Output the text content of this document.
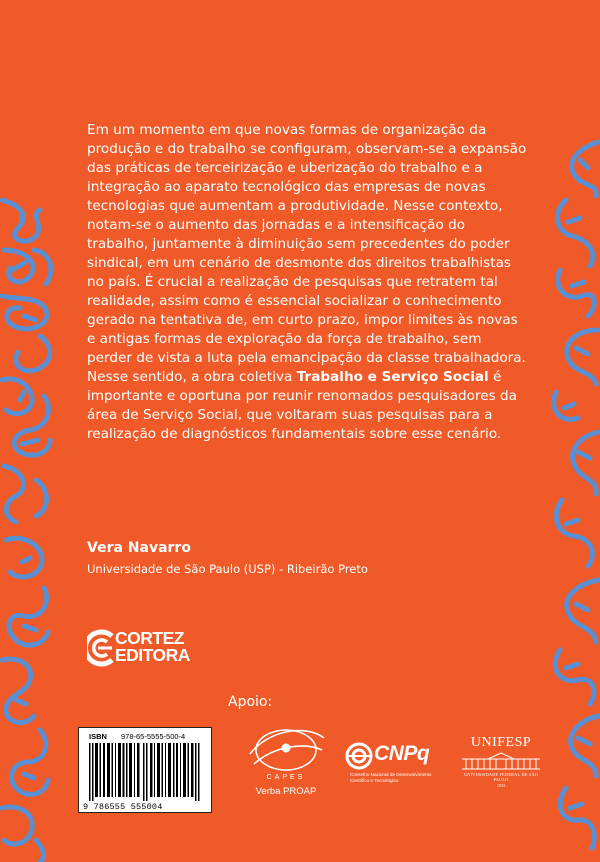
Em um momento em que novas formas de organização da produção e do trabalho se configuram, observam-se a expansão das práticas de terceirização e uberização do trabalho e a integração ao aparato tecnológico das empresas de novas tecnologias que aumentam a produtividade. Nesse contexto, notam-se o aumento das jornadas e a intensificação do trabalho, juntamente à diminuição sem precedentes do poder sindical, em um cenário de desmonte dos direitos trabalhistas no país. É crucial a realização de pesquisas que retratem tal realidade, assim como é essencial socializar o conhecimento gerado na tentativa de, em curto prazo, impor limites às novas e antigas formas de exploração da força de trabalho, sem perder de vista a luta pela emancipação da classe trabalhadora. Nesse sentido, a obra coletiva Trabalho e Serviço Social é importante e oportuna por reunir renomados pesquisadores da área de Serviço Social, que voltaram suas pesquisas para a realização de diagnósticos fundamentais sobre esse cenário.

Vera Navarro

Universidade de São Paulo (USP) - Ribeirão Preto

CORTEZ
EDITORA

Apoio:

ISBN 978-65-5555-500-4
9 786555 555004
CAPES
Verba PROAP
CNPq
Conselho Nacional de Desenvolvimento Científico e Tecnológico
UNIFESP
UNIVERSIDADE FEDERAL DE SÃO PAULO
1933
